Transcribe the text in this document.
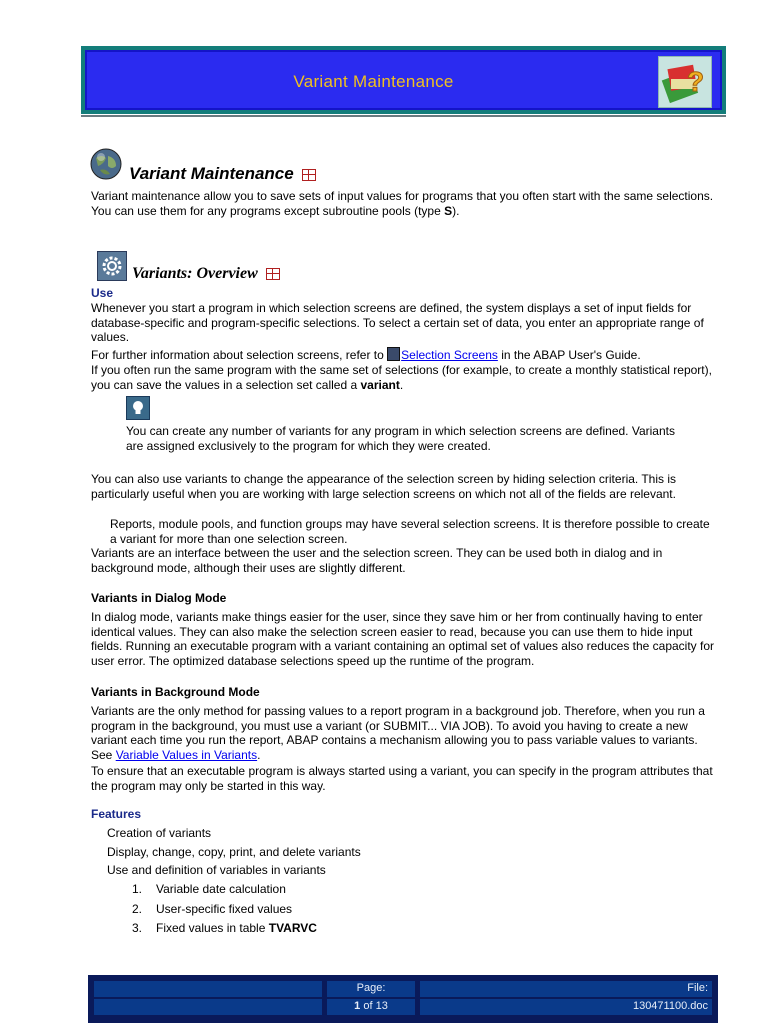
Variant Maintenance	?
Variant Maintenance

Variant maintenance allow you to save sets of input values for programs that you often start with the same selections. You can use them for any programs except subroutine pools (type S).

Variants: Overview
Use

Whenever you start a program in which selection screens are defined, the system displays a set of input fields for database-specific and program-specific selections. To select a certain set of data, you enter an appropriate range of values.

For further information about selection screens, refer to Selection Screens in the ABAP User's Guide.

If you often run the same program with the same set of selections (for example, to create a monthly statistical report), you can save the values in a selection set called a variant.

You can create any number of variants for any program in which selection screens are defined. Variants are assigned exclusively to the program for which they were created.

You can also use variants to change the appearance of the selection screen by hiding selection criteria. This is particularly useful when you are working with large selection screens on which not all of the fields are relevant.

Reports, module pools, and function groups may have several selection screens. It is therefore possible to create a variant for more than one selection screen.

Variants are an interface between the user and the selection screen. They can be used both in dialog and in background mode, although their uses are slightly different.

Variants in Dialog Mode

In dialog mode, variants make things easier for the user, since they save him or her from continually having to enter identical values. They can also make the selection screen easier to read, because you can use them to hide input fields. Running an executable program with a variant containing an optimal set of values also reduces the capacity for user error. The optimized database selections speed up the runtime of the program.

Variants in Background Mode

Variants are the only method for passing values to a report program in a background job. Therefore, when you run a program in the background, you must use a variant (or SUBMIT... VIA JOB). To avoid you having to create a new variant each time you run the report, ABAP contains a mechanism allowing you to pass variable values to variants. See Variable Values in Variants.

To ensure that an executable program is always started using a variant, you can specify in the program attributes that the program may only be started in this way.

Features
Creation of variants
Display, change, copy, print, and delete variants
Use and definition of variables in variants
1. Variable date calculation
2. User-specific fixed values
3. Fixed values in table TVARVC
Page:
1 of 13
File:
130471100.doc
